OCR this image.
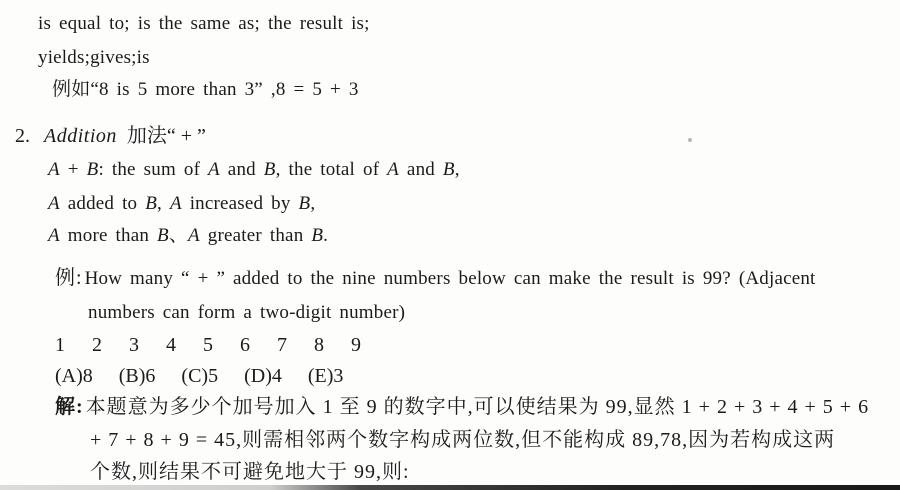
is equal to; is the same as; the result is;
yields;gives;is
例如“8 is 5 more than 3” ,8 = 5 + 3
2. Addition 加法“ + ”
A + B: the sum of A and B, the total of A and B,
A added to B, A increased by B,
A more than B、A greater than B.
例: How many “ + ” added to the nine numbers below can make the result is 99? (Adjacent
numbers can form a two-digit number)
1 2 3 4 5 6 7 8 9
(A)8 (B)6 (C)5 (D)4 (E)3
解: 本题意为多少个加号加入 1 至 9 的数字中,可以使结果为 99,显然 1 + 2 + 3 + 4 + 5 + 6
+ 7 + 8 + 9 = 45,则需相邻两个数字构成两位数,但不能构成 89,78,因为若构成这两
个数,则结果不可避免地大于 99,则:
